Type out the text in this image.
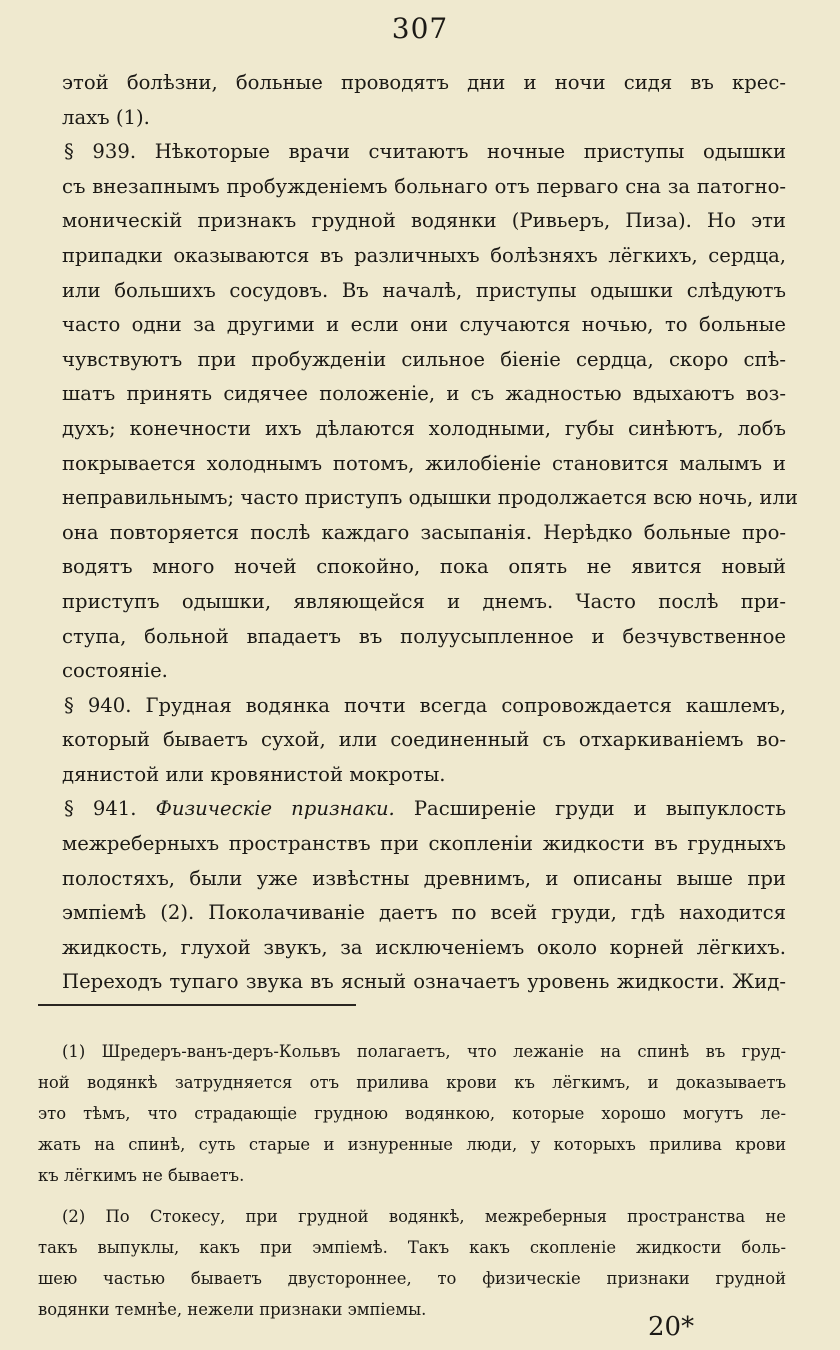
307
этой болѣзни, больные проводятъ дни и ночи сидя въ крес-
лахъ (1).
§ 939. Нѣкоторые врачи считаютъ ночные приступы одышки
съ внезапнымъ пробужденіемъ больнаго отъ перваго сна за патогно-
моническій признакъ грудной водянки (Ривьеръ, Пиза). Но эти
припадки оказываются въ различныхъ болѣзняхъ лёгкихъ, сердца,
или большихъ сосудовъ. Въ началѣ, приступы одышки слѣдуютъ
часто одни за другими и если они случаются ночью, то больные
чувствуютъ при пробужденіи сильное біеніе сердца, скоро спѣ-
шатъ принять сидячее положеніе, и съ жадностью вдыхаютъ воз-
духъ; конечности ихъ дѣлаются холодными, губы синѣютъ, лобъ
покрывается холоднымъ потомъ, жилобіеніе становится малымъ и
неправильнымъ; часто приступъ одышки продолжается всю ночь, или
она повторяется послѣ каждаго засыпанія. Нерѣдко больные про-
водятъ много ночей спокойно, пока опять не явится новый
приступъ одышки, являющейся и днемъ. Часто послѣ при-
ступа, больной впадаетъ въ полуусыпленное и безчувственное
состояніе.
§ 940. Грудная водянка почти всегда сопровождается кашлемъ,
который бываетъ сухой, или соединенный съ отхаркиваніемъ во-
дянистой или кровянистой мокроты.
§ 941. Физическіе признаки. Расширеніе груди и выпуклость
межреберныхъ пространствъ при скопленіи жидкости въ грудныхъ
полостяхъ, были уже извѣстны древнимъ, и описаны выше при
эмпіемѣ (2). Поколачиваніе даетъ по всей груди, гдѣ находится
жидкость, глухой звукъ, за исключеніемъ около корней лёгкихъ.
Переходъ тупаго звука въ ясный означаетъ уровень жидкости. Жид-
(1) Шредеръ-ванъ-деръ-Кольвъ полагаетъ, что лежаніе на спинѣ въ груд-
ной водянкѣ затрудняется отъ прилива крови къ лёгкимъ, и доказываетъ
это тѣмъ, что страдающіе грудною водянкою, которые хорошо могутъ ле-
жать на спинѣ, суть старые и изнуренные люди, у которыхъ прилива крови
къ лёгкимъ не бываетъ.
(2) По Стокесу, при грудной водянкѣ, межреберныя пространства не
такъ выпуклы, какъ при эмпіемѣ. Такъ какъ скопленіе жидкости боль-
шею частью бываетъ двустороннее, то физическіе признаки грудной
водянки темнѣе, нежели признаки эмпіемы.
20*
